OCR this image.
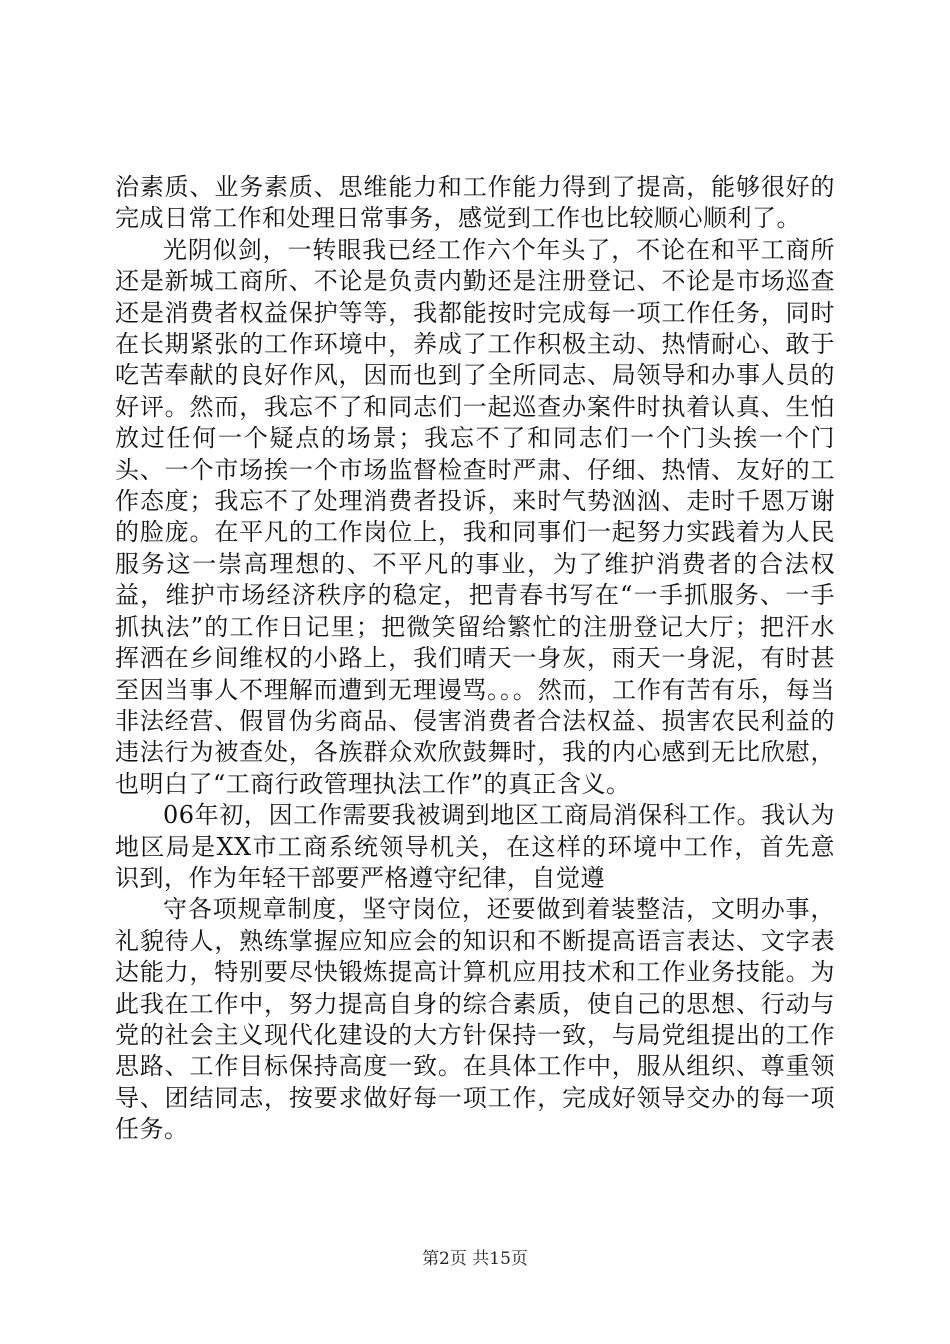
治素质、业务素质、思维能力和工作能力得到了提高，能够很好的完成日常工作和处理日常事务，感觉到工作也比较顺心顺利了。

光阴似剑，一转眼我已经工作六个年头了，不论在和平工商所还是新城工商所、不论是负责内勤还是注册登记、不论是市场巡查还是消费者权益保护等等，我都能按时完成每一项工作任务，同时在长期紧张的工作环境中，养成了工作积极主动、热情耐心、敢于吃苦奉献的良好作风，因而也到了全所同志、局领导和办事人员的好评。然而，我忘不了和同志们一起巡查办案件时执着认真、生怕放过任何一个疑点的场景；我忘不了和同志们一个门头挨一个门头、一个市场挨一个市场监督检查时严肃、仔细、热情、友好的工作态度；我忘不了处理消费者投诉，来时气势汹汹、走时千恩万谢的脸庞。在平凡的工作岗位上，我和同事们一起努力实践着为人民服务这一崇高理想的、不平凡的事业，为了维护消费者的合法权益，维护市场经济秩序的稳定，把青春书写在“一手抓服务、一手抓执法”的工作日记里；把微笑留给繁忙的注册登记大厅；把汗水挥洒在乡间维权的小路上，我们晴天一身灰，雨天一身泥，有时甚至因当事人不理解而遭到无理谩骂。。。然而，工作有苦有乐，每当非法经营、假冒伪劣商品、侵害消费者合法权益、损害农民利益的违法行为被查处，各族群众欢欣鼓舞时，我的内心感到无比欣慰，也明白了“工商行政管理执法工作”的真正含义。

06年初，因工作需要我被调到地区工商局消保科工作。我认为地区局是XX市工商系统领导机关，在这样的环境中工作，首先意识到，作为年轻干部要严格遵守纪律，自觉遵

守各项规章制度，坚守岗位，还要做到着装整洁，文明办事，礼貌待人，熟练掌握应知应会的知识和不断提高语言表达、文字表达能力，特别要尽快锻炼提高计算机应用技术和工作业务技能。为此我在工作中，努力提高自身的综合素质，使自己的思想、行动与党的社会主义现代化建设的大方针保持一致，与局党组提出的工作思路、工作目标保持高度一致。在具体工作中，服从组织、尊重领导、团结同志，按要求做好每一项工作，完成好领导交办的每一项任务。

第2页 共15页
